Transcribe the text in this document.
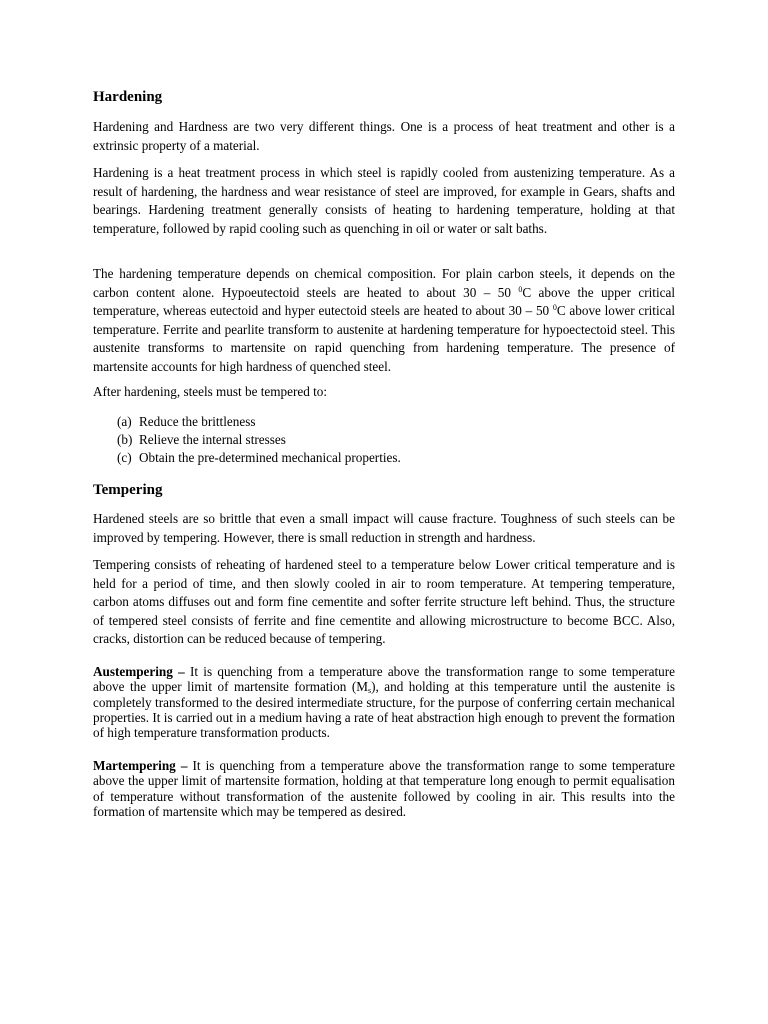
Hardening

Hardening and Hardness are two very different things. One is a process of heat treatment and other is a extrinsic property of a material.

Hardening is a heat treatment process in which steel is rapidly cooled from austenizing temperature. As a result of hardening, the hardness and wear resistance of steel are improved, for example in Gears, shafts and bearings. Hardening treatment generally consists of heating to hardening temperature, holding at that temperature, followed by rapid cooling such as quenching in oil or water or salt baths.

The hardening temperature depends on chemical composition. For plain carbon steels, it depends on the carbon content alone. Hypoeutectoid steels are heated to about 30 – 50 $^0$C above the upper critical temperature, whereas eutectoid and hyper eutectoid steels are heated to about 30 – 50 $^0$C above lower critical temperature. Ferrite and pearlite transform to austenite at hardening temperature for hypoectectoid steel. This austenite transforms to martensite on rapid quenching from hardening temperature. The presence of martensite accounts for high hardness of quenched steel.

After hardening, steels must be tempered to:

(a) Reduce the brittleness
(b) Relieve the internal stresses
(c) Obtain the pre-determined mechanical properties.
Tempering

Hardened steels are so brittle that even a small impact will cause fracture. Toughness of such steels can be improved by tempering. However, there is small reduction in strength and hardness.

Tempering consists of reheating of hardened steel to a temperature below Lower critical temperature and is held for a period of time, and then slowly cooled in air to room temperature. At tempering temperature, carbon atoms diffuses out and form fine cementite and softer ferrite structure left behind. Thus, the structure of tempered steel consists of ferrite and fine cementite and allowing microstructure to become BCC. Also, cracks, distortion can be reduced because of tempering.

Austempering – It is quenching from a temperature above the transformation range to some temperature above the upper limit of martensite formation $(M_s)$, and holding at this temperature until the austenite is completely transformed to the desired intermediate structure, for the purpose of conferring certain mechanical properties. It is carried out in a medium having a rate of heat abstraction high enough to prevent the formation of high temperature transformation products.

Martempering – It is quenching from a temperature above the transformation range to some temperature above the upper limit of martensite formation, holding at that temperature long enough to permit equalisation of temperature without transformation of the austenite followed by cooling in air. This results into the formation of martensite which may be tempered as desired.
